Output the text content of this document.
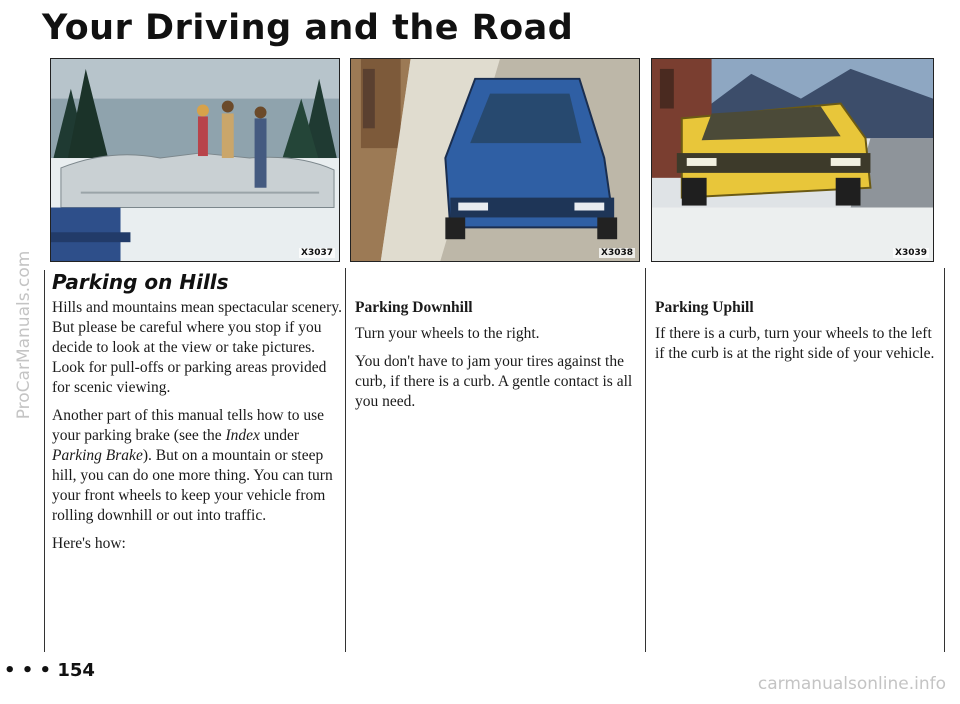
Your Driving and the Road
X3037	X3038	X3039
Parking on Hills

Hills and mountains mean spectacular scenery. But please be careful where you stop if you decide to look at the view or take pictures. Look for pull-offs or parking areas provided for scenic viewing.

Another part of this manual tells how to use your parking brake (see the Index under Parking Brake). But on a mountain or steep hill, you can do one more thing. You can turn your front wheels to keep your vehicle from rolling downhill or out into traffic.

Here's how:

Parking Downhill

Turn your wheels to the right.

You don't have to jam your tires against the curb, if there is a curb. A gentle contact is all you need.

Parking Uphill

If there is a curb, turn your wheels to the left if the curb is at the right side of your vehicle.

• • • 154
ProCarManuals.com
carmanualsonline.info
